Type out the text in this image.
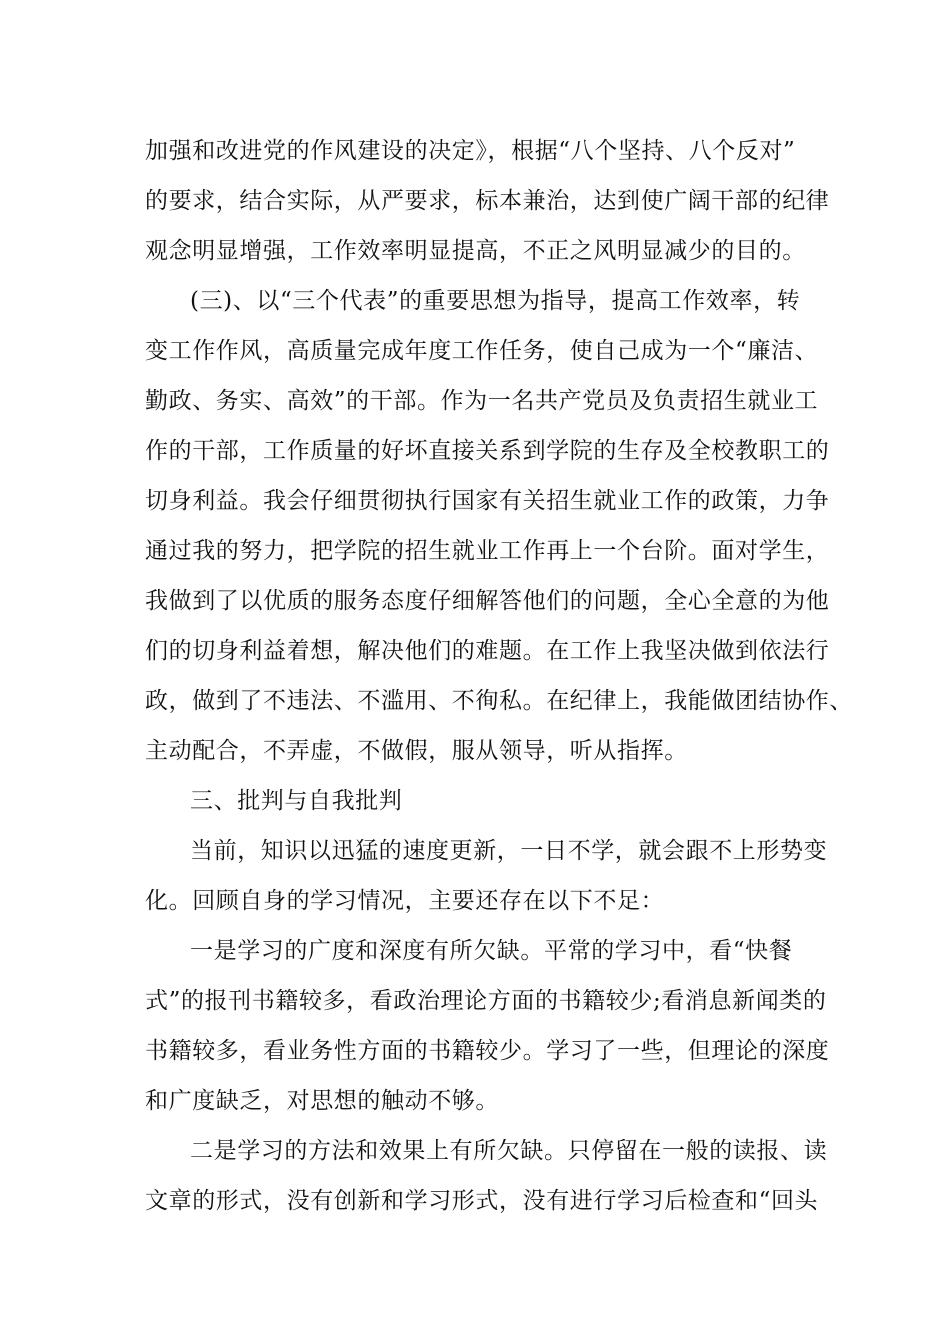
加强和改进党的作风建设的决定》，根据“八个坚持、八个反对”
的要求，结合实际，从严要求，标本兼治，达到使广阔干部的纪律
观念明显增强，工作效率明显提高，不正之风明显减少的目的。
(三)、以“三个代表”的重要思想为指导，提高工作效率，转
变工作作风，高质量完成年度工作任务，使自己成为一个“廉洁、
勤政、务实、高效”的干部。作为一名共产党员及负责招生就业工
作的干部，工作质量的好坏直接关系到学院的生存及全校教职工的
切身利益。我会仔细贯彻执行国家有关招生就业工作的政策，力争
通过我的努力，把学院的招生就业工作再上一个台阶。面对学生，
我做到了以优质的服务态度仔细解答他们的问题，全心全意的为他
们的切身利益着想，解决他们的难题。在工作上我坚决做到依法行
政，做到了不违法、不滥用、不徇私。在纪律上，我能做团结协作、
主动配合，不弄虚，不做假，服从领导，听从指挥。
三、批判与自我批判
当前，知识以迅猛的速度更新，一日不学，就会跟不上形势变
化。回顾自身的学习情况，主要还存在以下不足：
一是学习的广度和深度有所欠缺。平常的学习中，看“快餐
式”的报刊书籍较多，看政治理论方面的书籍较少;看消息新闻类的
书籍较多，看业务性方面的书籍较少。学习了一些，但理论的深度
和广度缺乏，对思想的触动不够。
二是学习的方法和效果上有所欠缺。只停留在一般的读报、读
文章的形式，没有创新和学习形式，没有进行学习后检查和“回头
